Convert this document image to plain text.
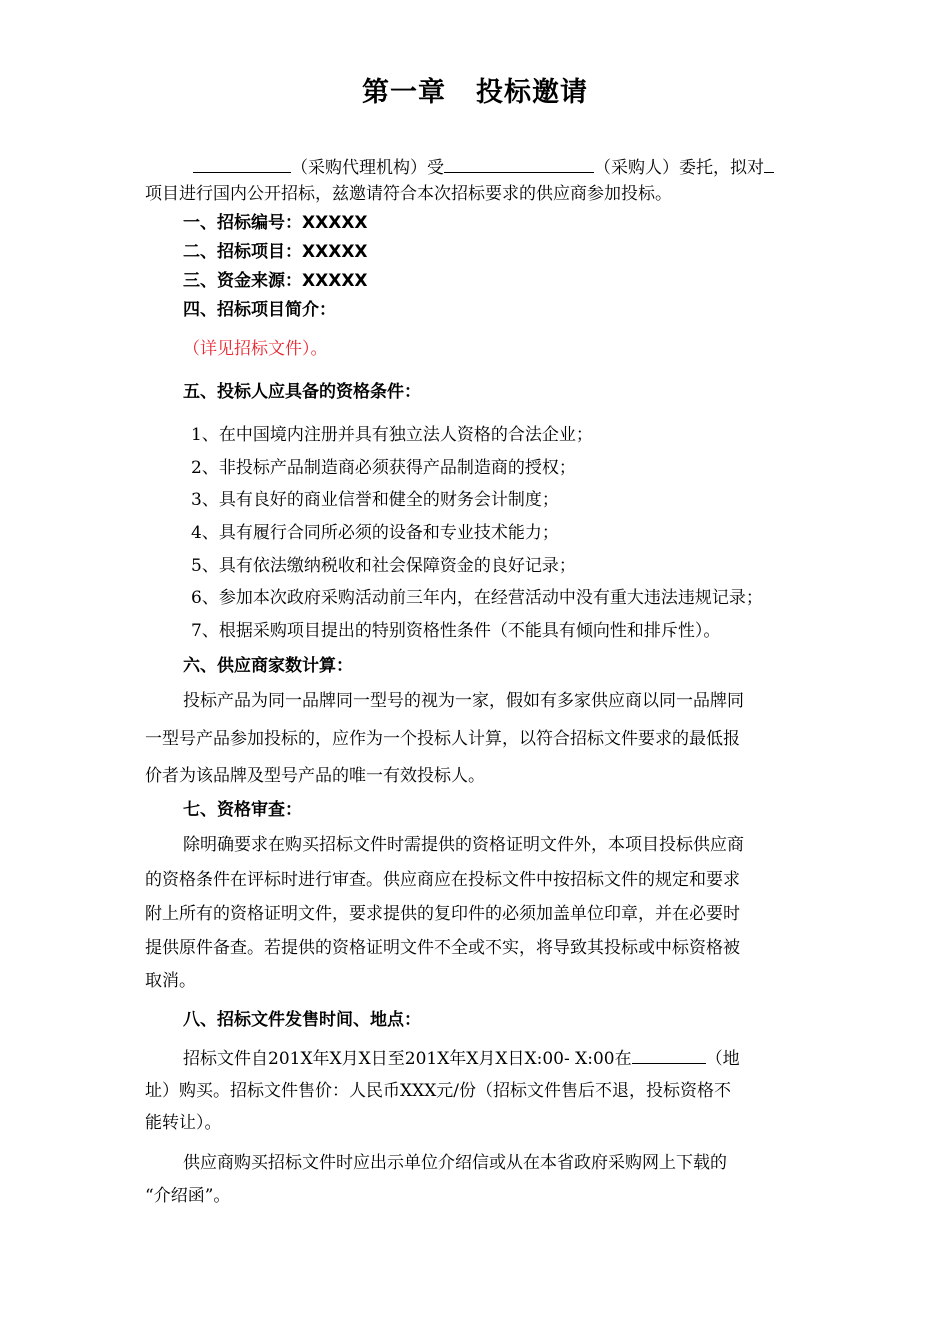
第一章 投标邀请
（采购代理机构）受	（采购人）委托，拟对
项目进行国内公开招标，兹邀请符合本次招标要求的供应商参加投标。
一、招标编号：XXXXX
二、招标项目：XXXXX
三、资金来源：XXXXX
四、招标项目简介：
（详见招标文件）。
五、投标人应具备的资格条件：
1、在中国境内注册并具有独立法人资格的合法企业；
2、非投标产品制造商必须获得产品制造商的授权；
3、具有良好的商业信誉和健全的财务会计制度；
4、具有履行合同所必须的设备和专业技术能力；
5、具有依法缴纳税收和社会保障资金的良好记录；
6、参加本次政府采购活动前三年内，在经营活动中没有重大违法违规记录；
7、根据采购项目提出的特别资格性条件（不能具有倾向性和排斥性）。
六、供应商家数计算：
投标产品为同一品牌同一型号的视为一家，假如有多家供应商以同一品牌同
一型号产品参加投标的，应作为一个投标人计算，以符合招标文件要求的最低报
价者为该品牌及型号产品的唯一有效投标人。
七、资格审查：
除明确要求在购买招标文件时需提供的资格证明文件外，本项目投标供应商
的资格条件在评标时进行审查。供应商应在投标文件中按招标文件的规定和要求
附上所有的资格证明文件，要求提供的复印件的必须加盖单位印章，并在必要时
提供原件备查。若提供的资格证明文件不全或不实，将导致其投标或中标资格被
取消。
八、招标文件发售时间、地点：
招标文件自201X年X月X日至201X年X月X日X:00- X:00在	（地
址）购买。招标文件售价：人民币XXX元/份（招标文件售后不退，投标资格不
能转让）。
供应商购买招标文件时应出示单位介绍信或从在本省政府采购网上下载的
“介绍函”。
